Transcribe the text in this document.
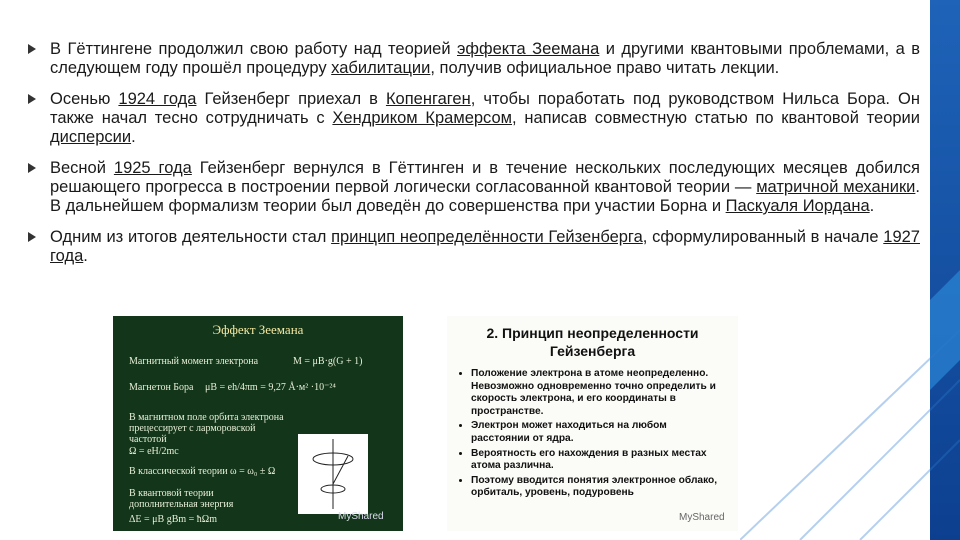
В Гёттингене продолжил свою работу над теорией эффекта Зеемана и другими квантовыми проблемами, а в следующем году прошёл процедуру хабилитации, получив официальное право читать лекции.
Осенью 1924 года Гейзенберг приехал в Копенгаген, чтобы поработать под руководством Нильса Бора. Он также начал тесно сотрудничать с Хендриком Крамерсом, написав совместную статью по квантовой теории дисперсии.
Весной 1925 года Гейзенберг вернулся в Гёттинген и в течение нескольких последующих месяцев добился решающего прогресса в построении первой логически согласованной квантовой теории — матричной механики. В дальнейшем формализм теории был доведён до совершенства при участии Борна и Паскуаля Иордана.
Одним из итогов деятельности стал принцип неопределённости Гейзенберга, сформулированный в начале 1927 года.
Эффект Зеемана
Магнитный момент электрона	M = μB·g(G + 1)
Магнетон Бора μB = eh/4πm = 9,27 Å·м² ·10⁻²⁴
В магнитном поле орбита электрона прецессирует с ларморовской частотой
Ω = eH/2mc
В классической теории ω = ω₀ ± Ω
В квантовой теории дополнительная энергия
ΔE = μB gBm = ħΩm	MyShared
2. Принцип неопределенности
Гейзенберга
• Положение электрона в атоме неопределенно. Невозможно одновременно точно определить и скорость электрона, и его координаты в пространстве.
• Электрон может находиться на любом расстоянии от ядра.
• Вероятность его нахождения в разных местах атома различна.
• Поэтому вводится понятия электронное облако, орбиталь, уровень, подуровень
MyShared
